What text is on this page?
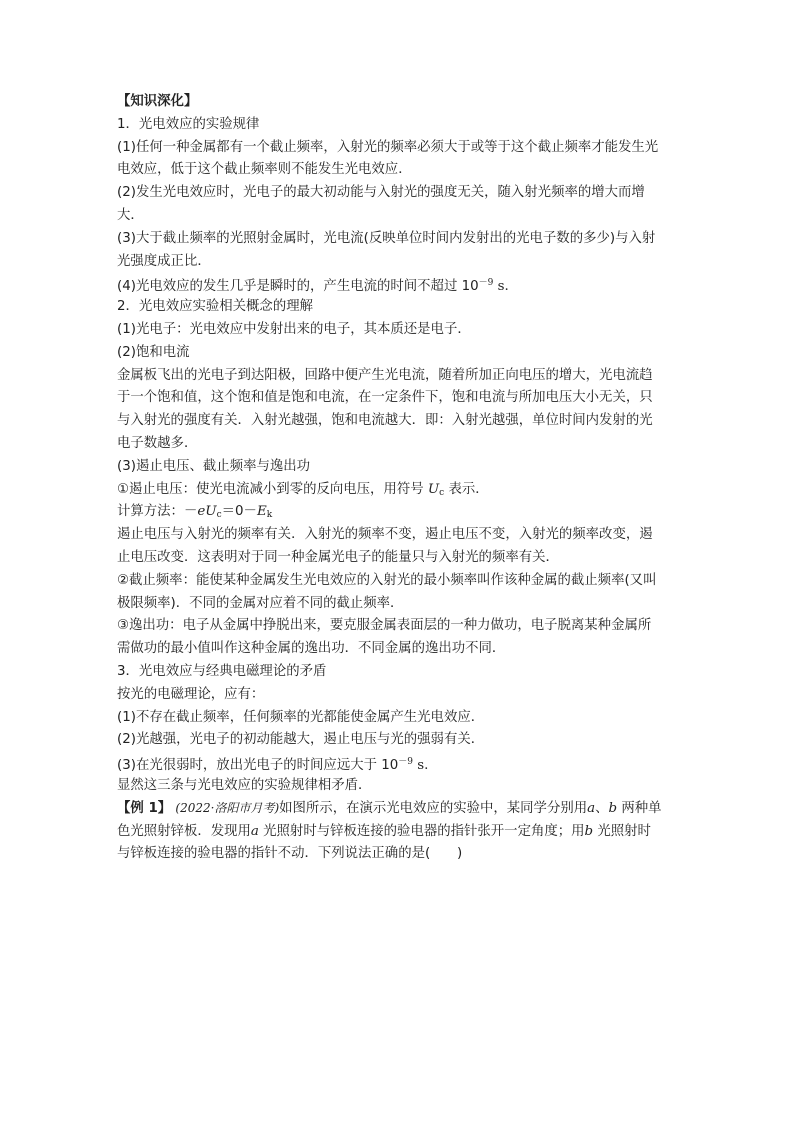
【知识深化】
1．光电效应的实验规律
(1)任何一种金属都有一个截止频率，入射光的频率必须大于或等于这个截止频率才能发生光
电效应，低于这个截止频率则不能发生光电效应．
(2)发生光电效应时，光电子的最大初动能与入射光的强度无关，随入射光频率的增大而增
大．
(3)大于截止频率的光照射金属时，光电流(反映单位时间内发射出的光电子数的多少)与入射
光强度成正比．
(4)光电效应的发生几乎是瞬时的，产生电流的时间不超过 $10^{-9}$ s.
2．光电效应实验相关概念的理解
(1)光电子：光电效应中发射出来的电子，其本质还是电子．
(2)饱和电流
金属板飞出的光电子到达阳极，回路中便产生光电流，随着所加正向电压的增大，光电流趋
于一个饱和值，这个饱和值是饱和电流，在一定条件下，饱和电流与所加电压大小无关，只
与入射光的强度有关．入射光越强，饱和电流越大．即：入射光越强，单位时间内发射的光
电子数越多．
(3)遏止电压、截止频率与逸出功
①遏止电压：使光电流减小到零的反向电压，用符号 $U_c$ 表示．
计算方法：$-eU_c=0-E_k$
遏止电压与入射光的频率有关．入射光的频率不变，遏止电压不变，入射光的频率改变，遏
止电压改变．这表明对于同一种金属光电子的能量只与入射光的频率有关．
②截止频率：能使某种金属发生光电效应的入射光的最小频率叫作该种金属的截止频率(又叫
极限频率)．不同的金属对应着不同的截止频率．
③逸出功：电子从金属中挣脱出来，要克服金属表面层的一种力做功，电子脱离某种金属所
需做功的最小值叫作这种金属的逸出功．不同金属的逸出功不同．
3．光电效应与经典电磁理论的矛盾
按光的电磁理论，应有：
(1)不存在截止频率，任何频率的光都能使金属产生光电效应．
(2)光越强，光电子的初动能越大，遏止电压与光的强弱有关．
(3)在光很弱时，放出光电子的时间应远大于 $10^{-9}$ s.
显然这三条与光电效应的实验规律相矛盾．
【例 1】 (2022·洛阳市月考)如图所示，在演示光电效应的实验中，某同学分别用a、b 两种单
色光照射锌板．发现用a 光照射时与锌板连接的验电器的指针张开一定角度；用b 光照射时
与锌板连接的验电器的指针不动．下列说法正确的是(　　)
